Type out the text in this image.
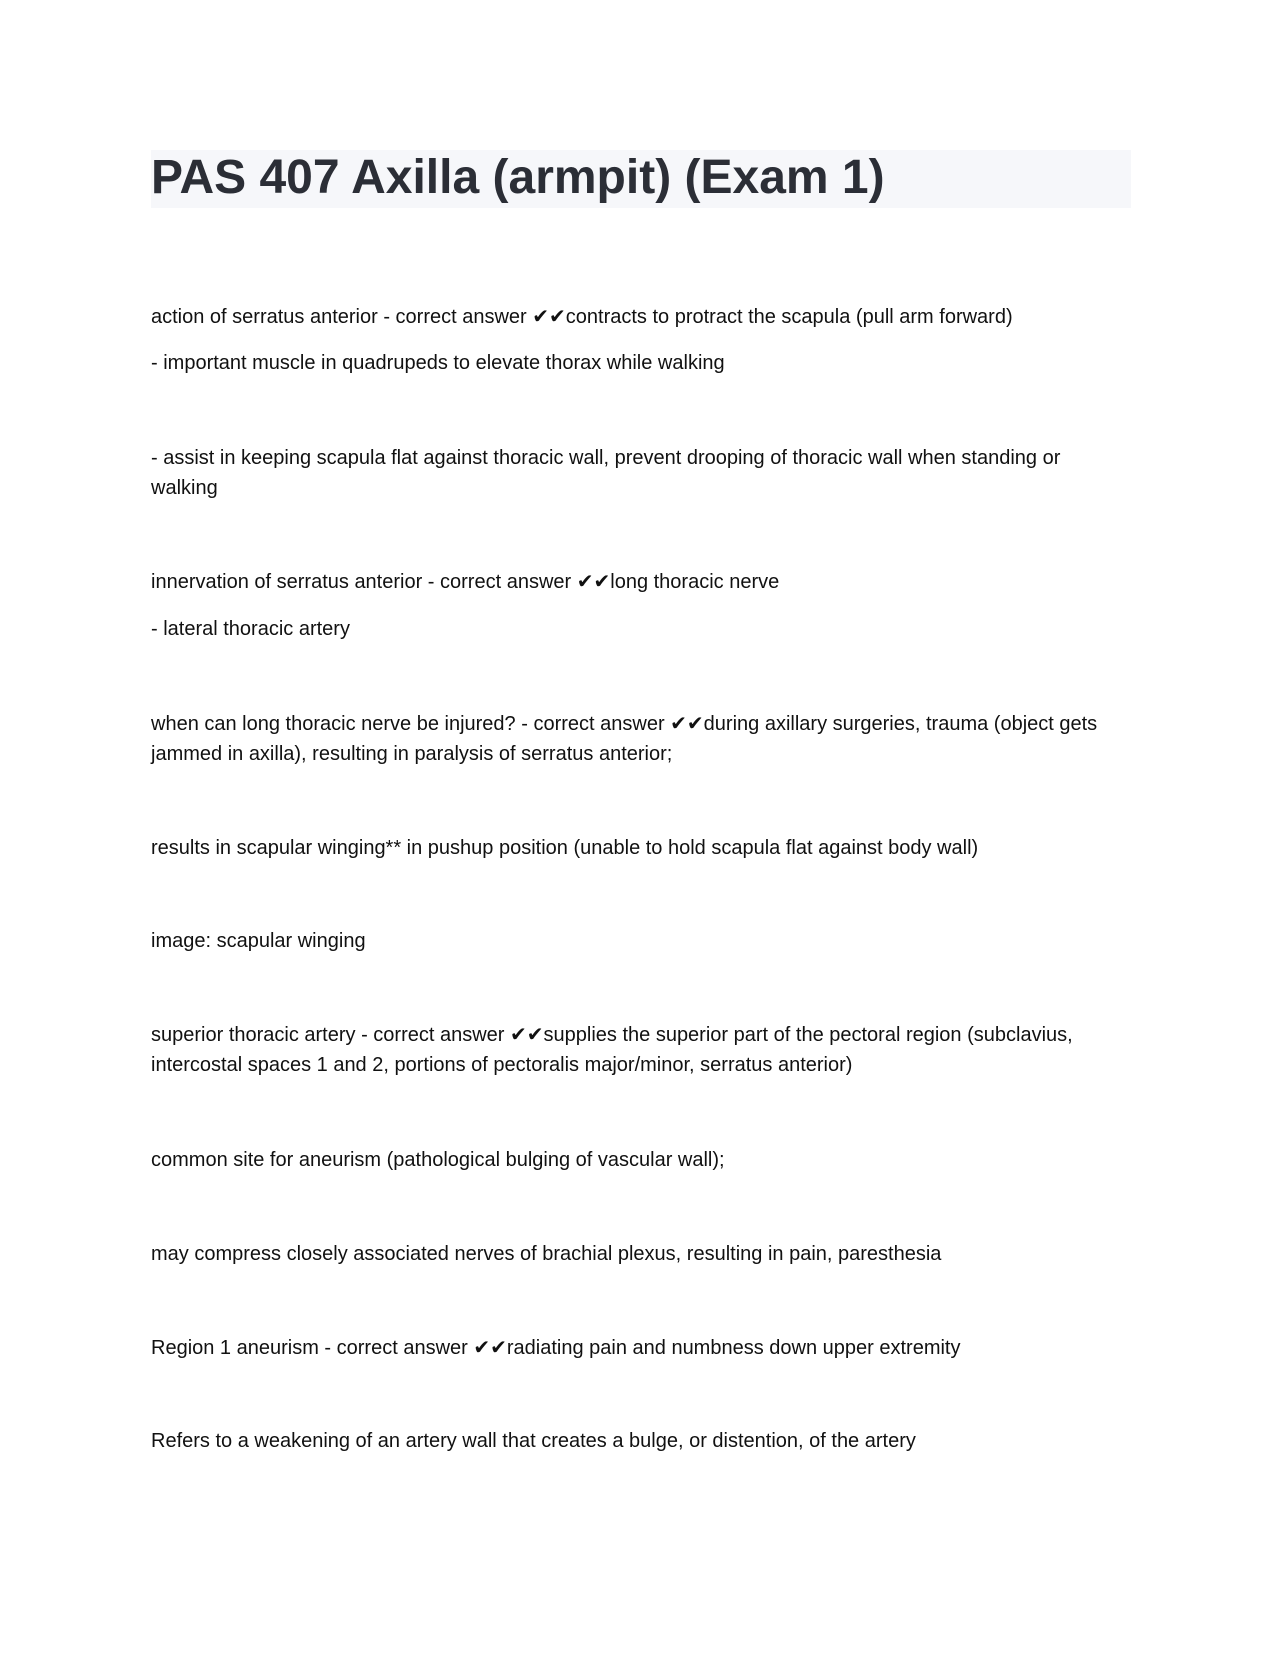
PAS 407 Axilla (armpit) (Exam 1)

action of serratus anterior - correct answer ✔✔contracts to protract the scapula (pull arm forward)

- important muscle in quadrupeds to elevate thorax while walking

- assist in keeping scapula flat against thoracic wall, prevent drooping of thoracic wall when standing or walking

innervation of serratus anterior - correct answer ✔✔long thoracic nerve

- lateral thoracic artery

when can long thoracic nerve be injured? - correct answer ✔✔during axillary surgeries, trauma (object gets jammed in axilla), resulting in paralysis of serratus anterior;

results in scapular winging** in pushup position (unable to hold scapula flat against body wall)

image: scapular winging

superior thoracic artery - correct answer ✔✔supplies the superior part of the pectoral region (subclavius, intercostal spaces 1 and 2, portions of pectoralis major/minor, serratus anterior)

common site for aneurism (pathological bulging of vascular wall);

may compress closely associated nerves of brachial plexus, resulting in pain, paresthesia

Region 1 aneurism - correct answer ✔✔radiating pain and numbness down upper extremity

Refers to a weakening of an artery wall that creates a bulge, or distention, of the artery
